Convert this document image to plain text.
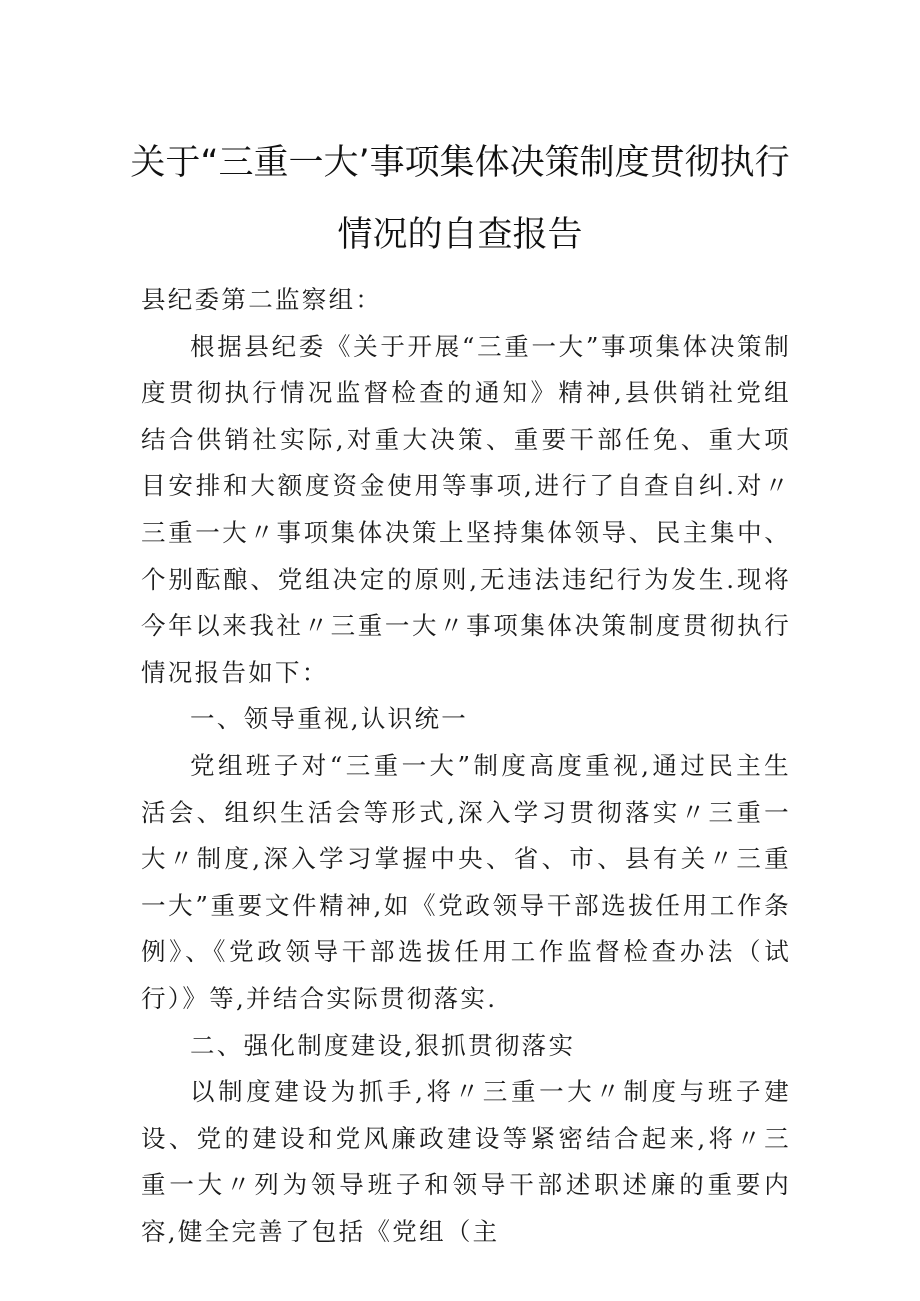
关于“三重一大’事项集体决策制度贯彻执行
情况的自查报告

县纪委第二监察组：

根据县纪委《关于开展“三重一大”事项集体决策制度贯彻执行情况监督检查的通知》精神,县供销社党组结合供销社实际,对重大决策、重要干部任免、重大项目安排和大额度资金使用等事项,进行了自查自纠.对〃三重一大〃事项集体决策上坚持集体领导、民主集中、个别酝酿、党组决定的原则,无违法违纪行为发生.现将今年以来我社〃三重一大〃事项集体决策制度贯彻执行情况报告如下：

一、领导重视,认识统一

党组班子对“三重一大”制度高度重视,通过民主生活会、组织生活会等形式,深入学习贯彻落实〃三重一大〃制度,深入学习掌握中央、省、市、县有关〃三重一大”重要文件精神,如《党政领导干部选拔任用工作条例》、《党政领导干部选拔任用工作监督检查办法（试行）》等,并结合实际贯彻落实.

二、强化制度建设,狠抓贯彻落实

以制度建设为抓手,将〃三重一大〃制度与班子建设、党的建设和党风廉政建设等紧密结合起来,将〃三重一大〃列为领导班子和领导干部述职述廉的重要内容,健全完善了包括《党组（主
